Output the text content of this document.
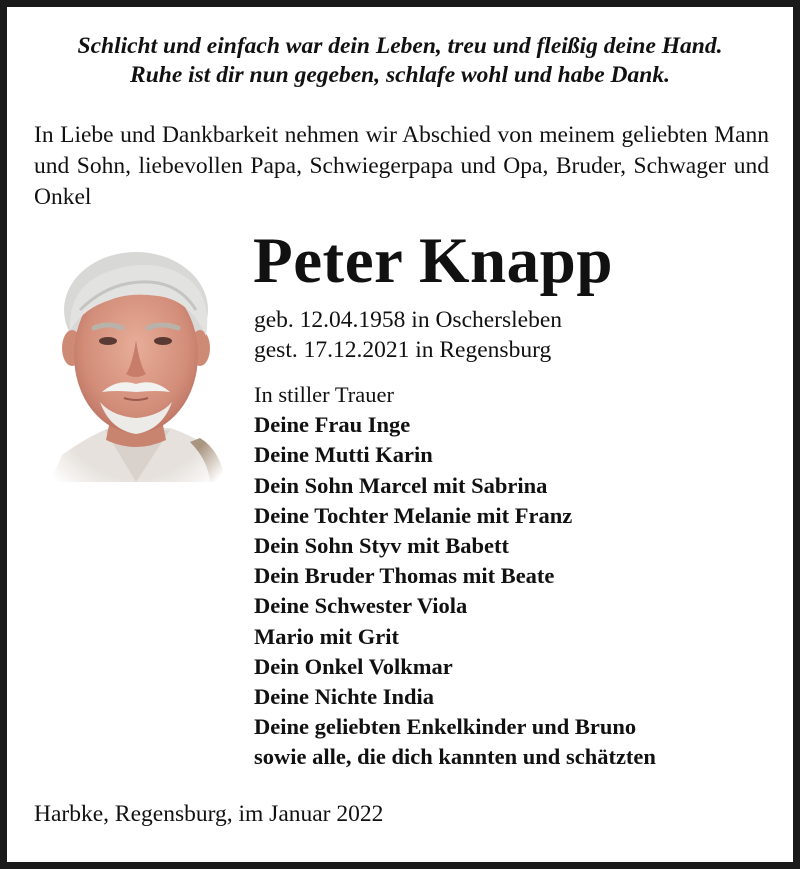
Schlicht und einfach war dein Leben, treu und fleißig deine Hand.
Ruhe ist dir nun gegeben, schlafe wohl und habe Dank.
In Liebe und Dankbarkeit nehmen wir Abschied von meinem geliebten Mann und Sohn, liebevollen Papa, Schwiegerpapa und Opa, Bruder, Schwager und Onkel
Peter Knapp
geb. 12.04.1958 in Oschersleben
gest. 17.12.2021 in Regensburg
In stiller Trauer
Deine Frau Inge
Deine Mutti Karin
Dein Sohn Marcel mit Sabrina
Deine Tochter Melanie mit Franz
Dein Sohn Styv mit Babett
Dein Bruder Thomas mit Beate
Deine Schwester Viola
Mario mit Grit
Dein Onkel Volkmar
Deine Nichte India
Deine geliebten Enkelkinder und Bruno
sowie alle, die dich kannten und schätzten
Harbke, Regensburg, im Januar 2022
